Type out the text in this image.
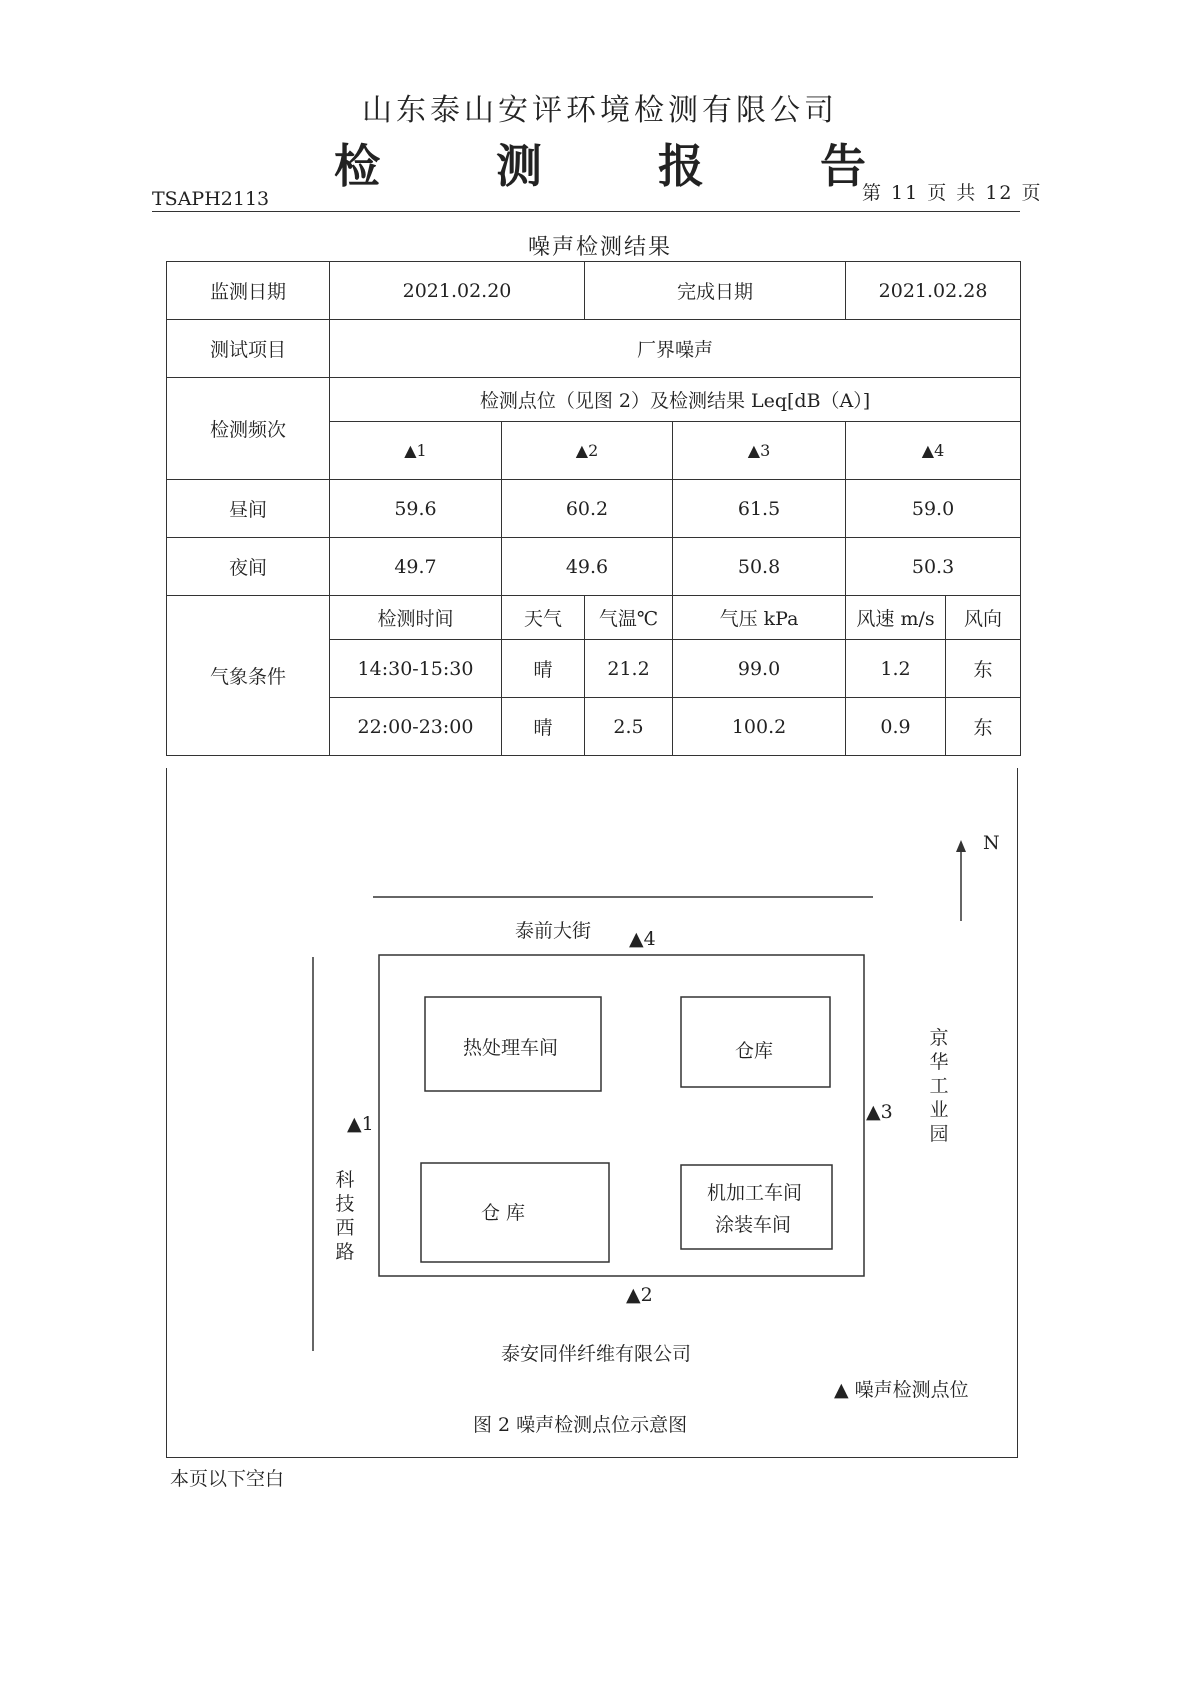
山东泰山安评环境检测有限公司
检 测 报 告
TSAPH2113	第 11 页 共 12 页
噪声检测结果
监测日期	2021.02.20		完成日期		2021.02.28	
测试项目	厂界噪声					
检测频次	检测点位（见图 2）及检测结果 Leq[dB（A）]					
	▲1	▲2		▲3	▲4	
昼间	59.6	60.2		61.5	59.0	
夜间	49.7	49.6		50.8	50.3	
气象条件	检测时间	天气	气温℃	气压 kPa	风速 m/s	风向
	14:30-15:30	晴	21.2	99.0	1.2	东
	22:00-23:00	晴	2.5	100.2	0.9	东
N
泰前大街 ▲4
热处理车间	仓库
▲1
▲3
仓 库
机加工车间
涂装车间
京华工业园
科技西路
▲2
泰安同伴纤维有限公司
▲ 噪声检测点位
图 2 噪声检测点位示意图
本页以下空白
